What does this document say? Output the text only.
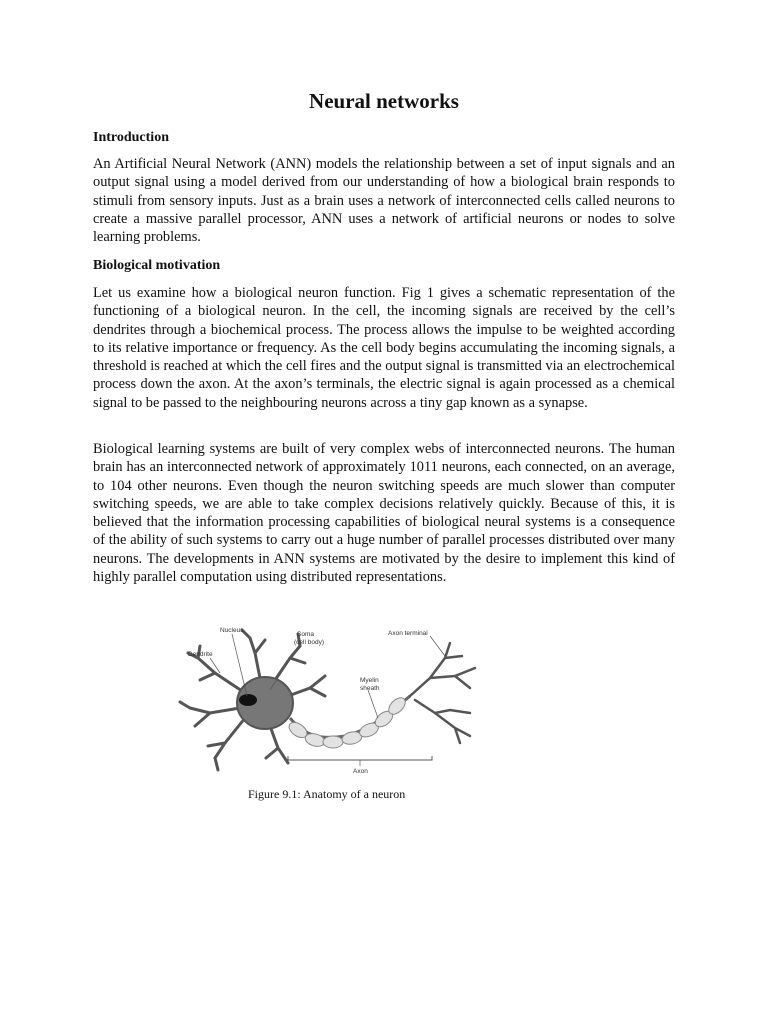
Neural networks
Introduction

An Artificial Neural Network (ANN) models the relationship between a set of input signals and an output signal using a model derived from our understanding of how a biological brain responds to stimuli from sensory inputs. Just as a brain uses a network of interconnected cells called neurons to create a massive parallel processor, ANN uses a network of artificial neurons or nodes to solve learning problems.

Biological motivation

Let us examine how a biological neuron function. Fig 1 gives a schematic representation of the functioning of a biological neuron. In the cell, the incoming signals are received by the cell’s dendrites through a biochemical process. The process allows the impulse to be weighted according to its relative importance or frequency. As the cell body begins accumulating the incoming signals, a threshold is reached at which the cell fires and the output signal is transmitted via an electrochemical process down the axon. At the axon’s terminals, the electric signal is again processed as a chemical signal to be passed to the neighbouring neurons across a tiny gap known as a synapse.

Biological learning systems are built of very complex webs of interconnected neurons. The human brain has an interconnected network of approximately 1011 neurons, each connected, on an average, to 104 other neurons. Even though the neuron switching speeds are much slower than computer switching speeds, we are able to take complex decisions relatively quickly. Because of this, it is believed that the information processing capabilities of biological neural systems is a consequence of the ability of such systems to carry out a huge number of parallel processes distributed over many neurons. The developments in ANN systems are motivated by the desire to implement this kind of highly parallel computation using distributed representations.

Nucleus
Soma
(cell body)
Dendrite
Axon terminal
Myelin
sheath
Axon

Figure 9.1: Anatomy of a neuron
